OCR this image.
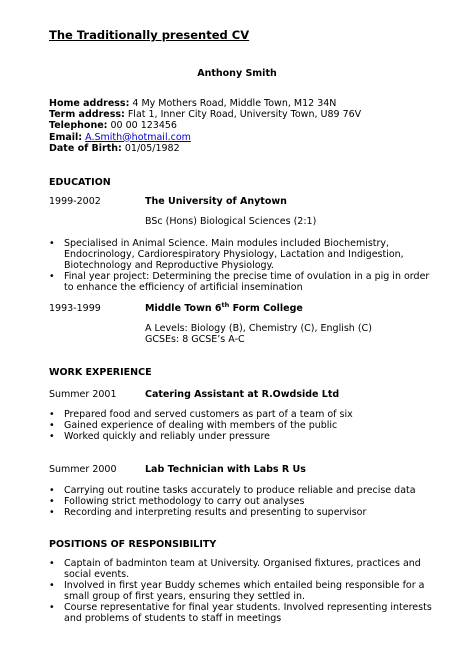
The Traditionally presented CV
Anthony Smith
Home address: 4 My Mothers Road, Middle Town, M12 34N
Term address: Flat 1, Inner City Road, University Town, U89 76V
Telephone: 00 00 123456
Email: A.Smith@hotmail.com
Date of Birth: 01/05/1982
EDUCATION
1999-2002	The University of Anytown
BSc (Hons) Biological Sciences (2:1)
• Specialised in Animal Science. Main modules included Biochemistry,
Endocrinology, Cardiorespiratory Physiology, Lactation and Indigestion,
Biotechnology and Reproductive Physiology.
• Final year project: Determining the precise time of ovulation in a pig in order
to enhance the efficiency of artificial insemination
1993-1999	Middle Town 6th Form College
A Levels: Biology (B), Chemistry (C), English (C)
GCSEs: 8 GCSE’s A-C
WORK EXPERIENCE
Summer 2001	Catering Assistant at R.Owdside Ltd
• Prepared food and served customers as part of a team of six
• Gained experience of dealing with members of the public
• Worked quickly and reliably under pressure
Summer 2000	Lab Technician with Labs R Us
• Carrying out routine tasks accurately to produce reliable and precise data
• Following strict methodology to carry out analyses
• Recording and interpreting results and presenting to supervisor
POSITIONS OF RESPONSIBILITY
• Captain of badminton team at University. Organised fixtures, practices and
social events.
• Involved in first year Buddy schemes which entailed being responsible for a
small group of first years, ensuring they settled in.
• Course representative for final year students. Involved representing interests
and problems of students to staff in meetings
